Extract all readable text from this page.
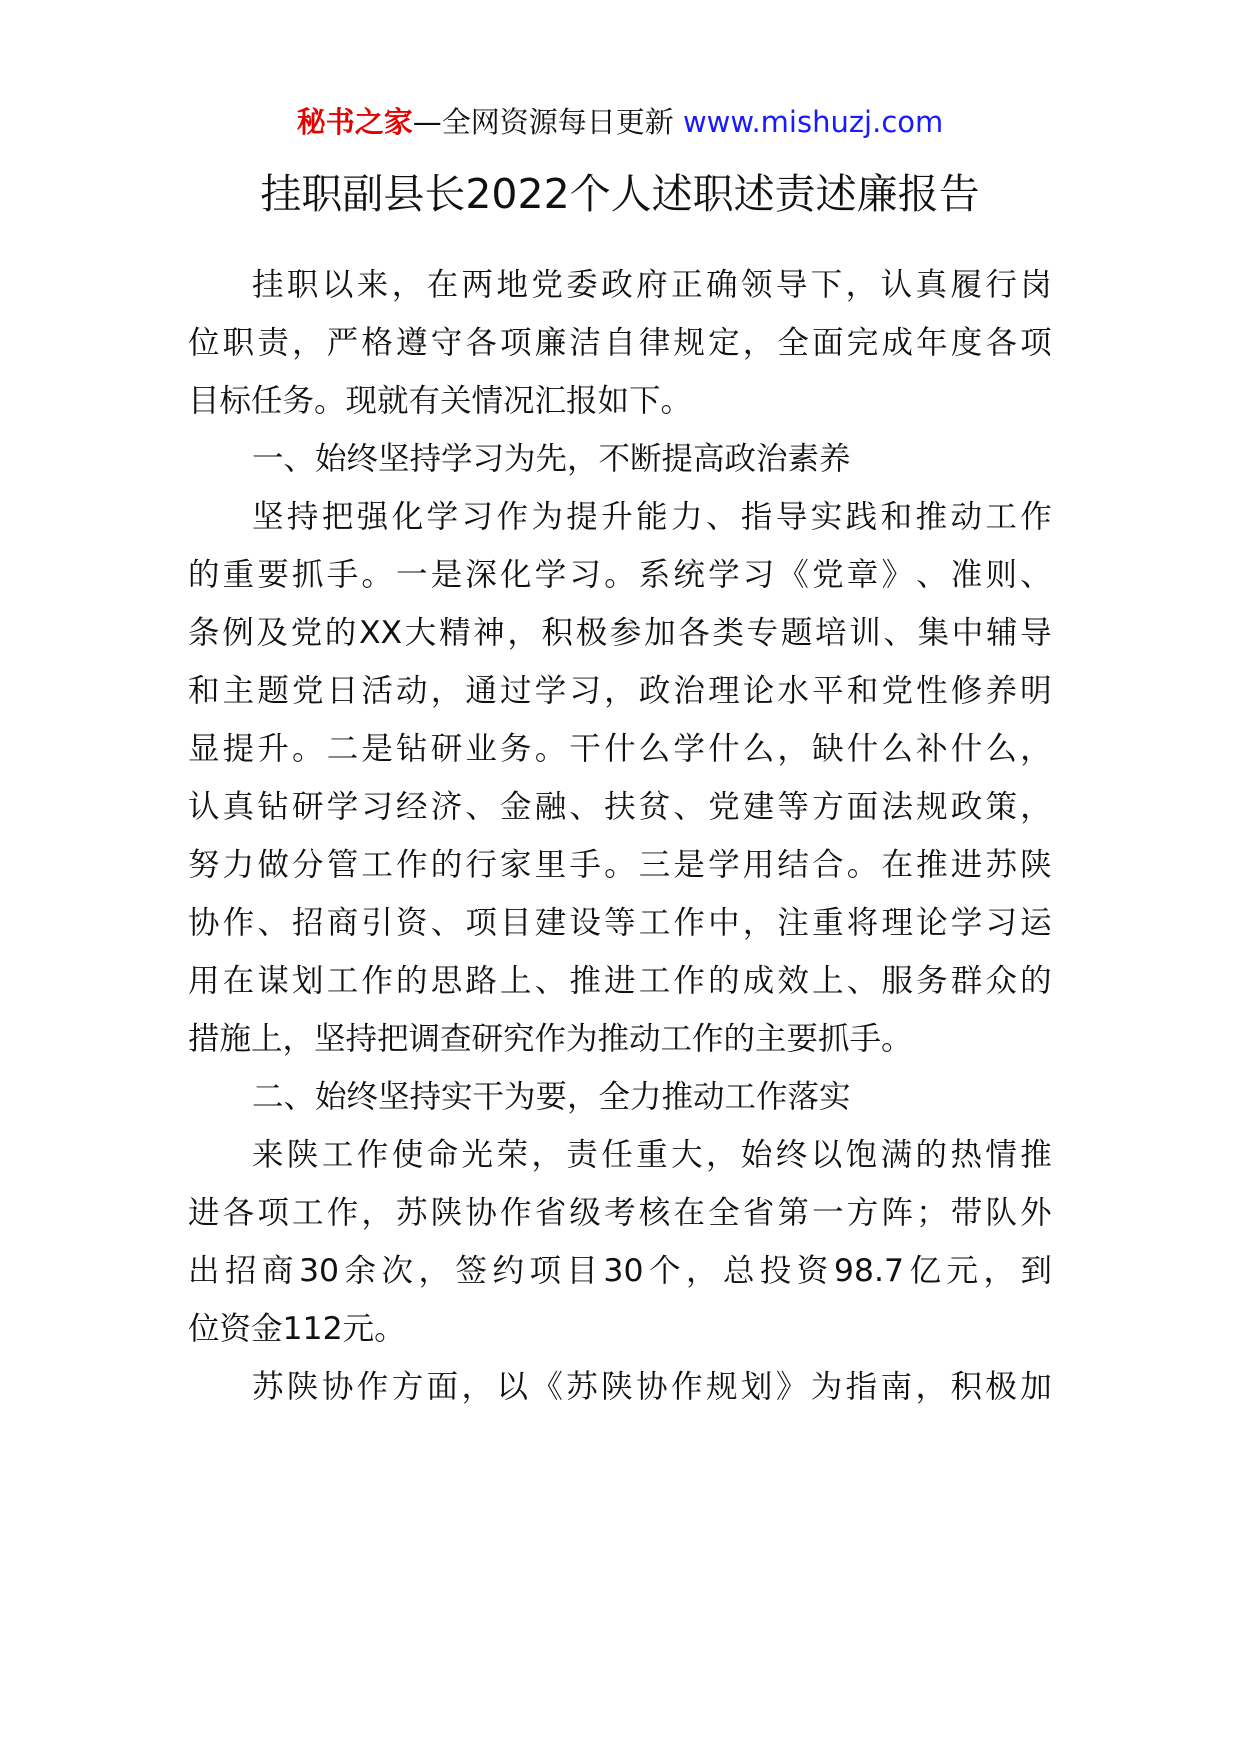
秘书之家—全网资源每日更新 www.mishuzj.com
挂职副县长2022个人述职述责述廉报告
挂 职 以 来 ， 在 两 地 党 委 政 府 正 确 领 导 下 ， 认 真 履 行 岗
位 职 责 ， 严 格 遵 守 各 项 廉 洁 自 律 规 定 ， 全 面 完 成 年 度 各 项
目标任务。现就有关情况汇报如下。
一、始终坚持学习为先，不断提高政治素养
坚 持 把 强 化 学 习 作 为 提 升 能 力 、 指 导 实 践 和 推 动 工 作
的 重 要 抓 手 。 一 是 深 化 学 习 。 系 统 学 习 《 党 章 》 、 准 则 、
条 例 及 党 的 XX 大 精 神 ， 积 极 参 加 各 类 专 题 培 训 、 集 中 辅 导
和 主 题 党 日 活 动 ， 通 过 学 习 ， 政 治 理 论 水 平 和 党 性 修 养 明
显 提 升 。 二 是 钻 研 业 务 。 干 什 么 学 什 么 ， 缺 什 么 补 什 么 ，
认 真 钻 研 学 习 经 济 、 金 融 、 扶 贫 、 党 建 等 方 面 法 规 政 策 ，
努 力 做 分 管 工 作 的 行 家 里 手 。 三 是 学 用 结 合 。 在 推 进 苏 陕
协 作 、 招 商 引 资 、 项 目 建 设 等 工 作 中 ， 注 重 将 理 论 学 习 运
用 在 谋 划 工 作 的 思 路 上 、 推 进 工 作 的 成 效 上 、 服 务 群 众 的
措施上，坚持把调查研究作为推动工作的主要抓手。
二、始终坚持实干为要，全力推动工作落实
来 陕 工 作 使 命 光 荣 ， 责 任 重 大 ， 始 终 以 饱 满 的 热 情 推
进 各 项 工 作 ， 苏 陕 协 作 省 级 考 核 在 全 省 第 一 方 阵 ； 带 队 外
出 招 商 30 余 次 ， 签 约 项 目 30 个 ， 总 投 资 98.7 亿 元 ， 到
位资金112元。
苏 陕 协 作 方 面 ， 以 《 苏 陕 协 作 规 划 》 为 指 南 ， 积 极 加
